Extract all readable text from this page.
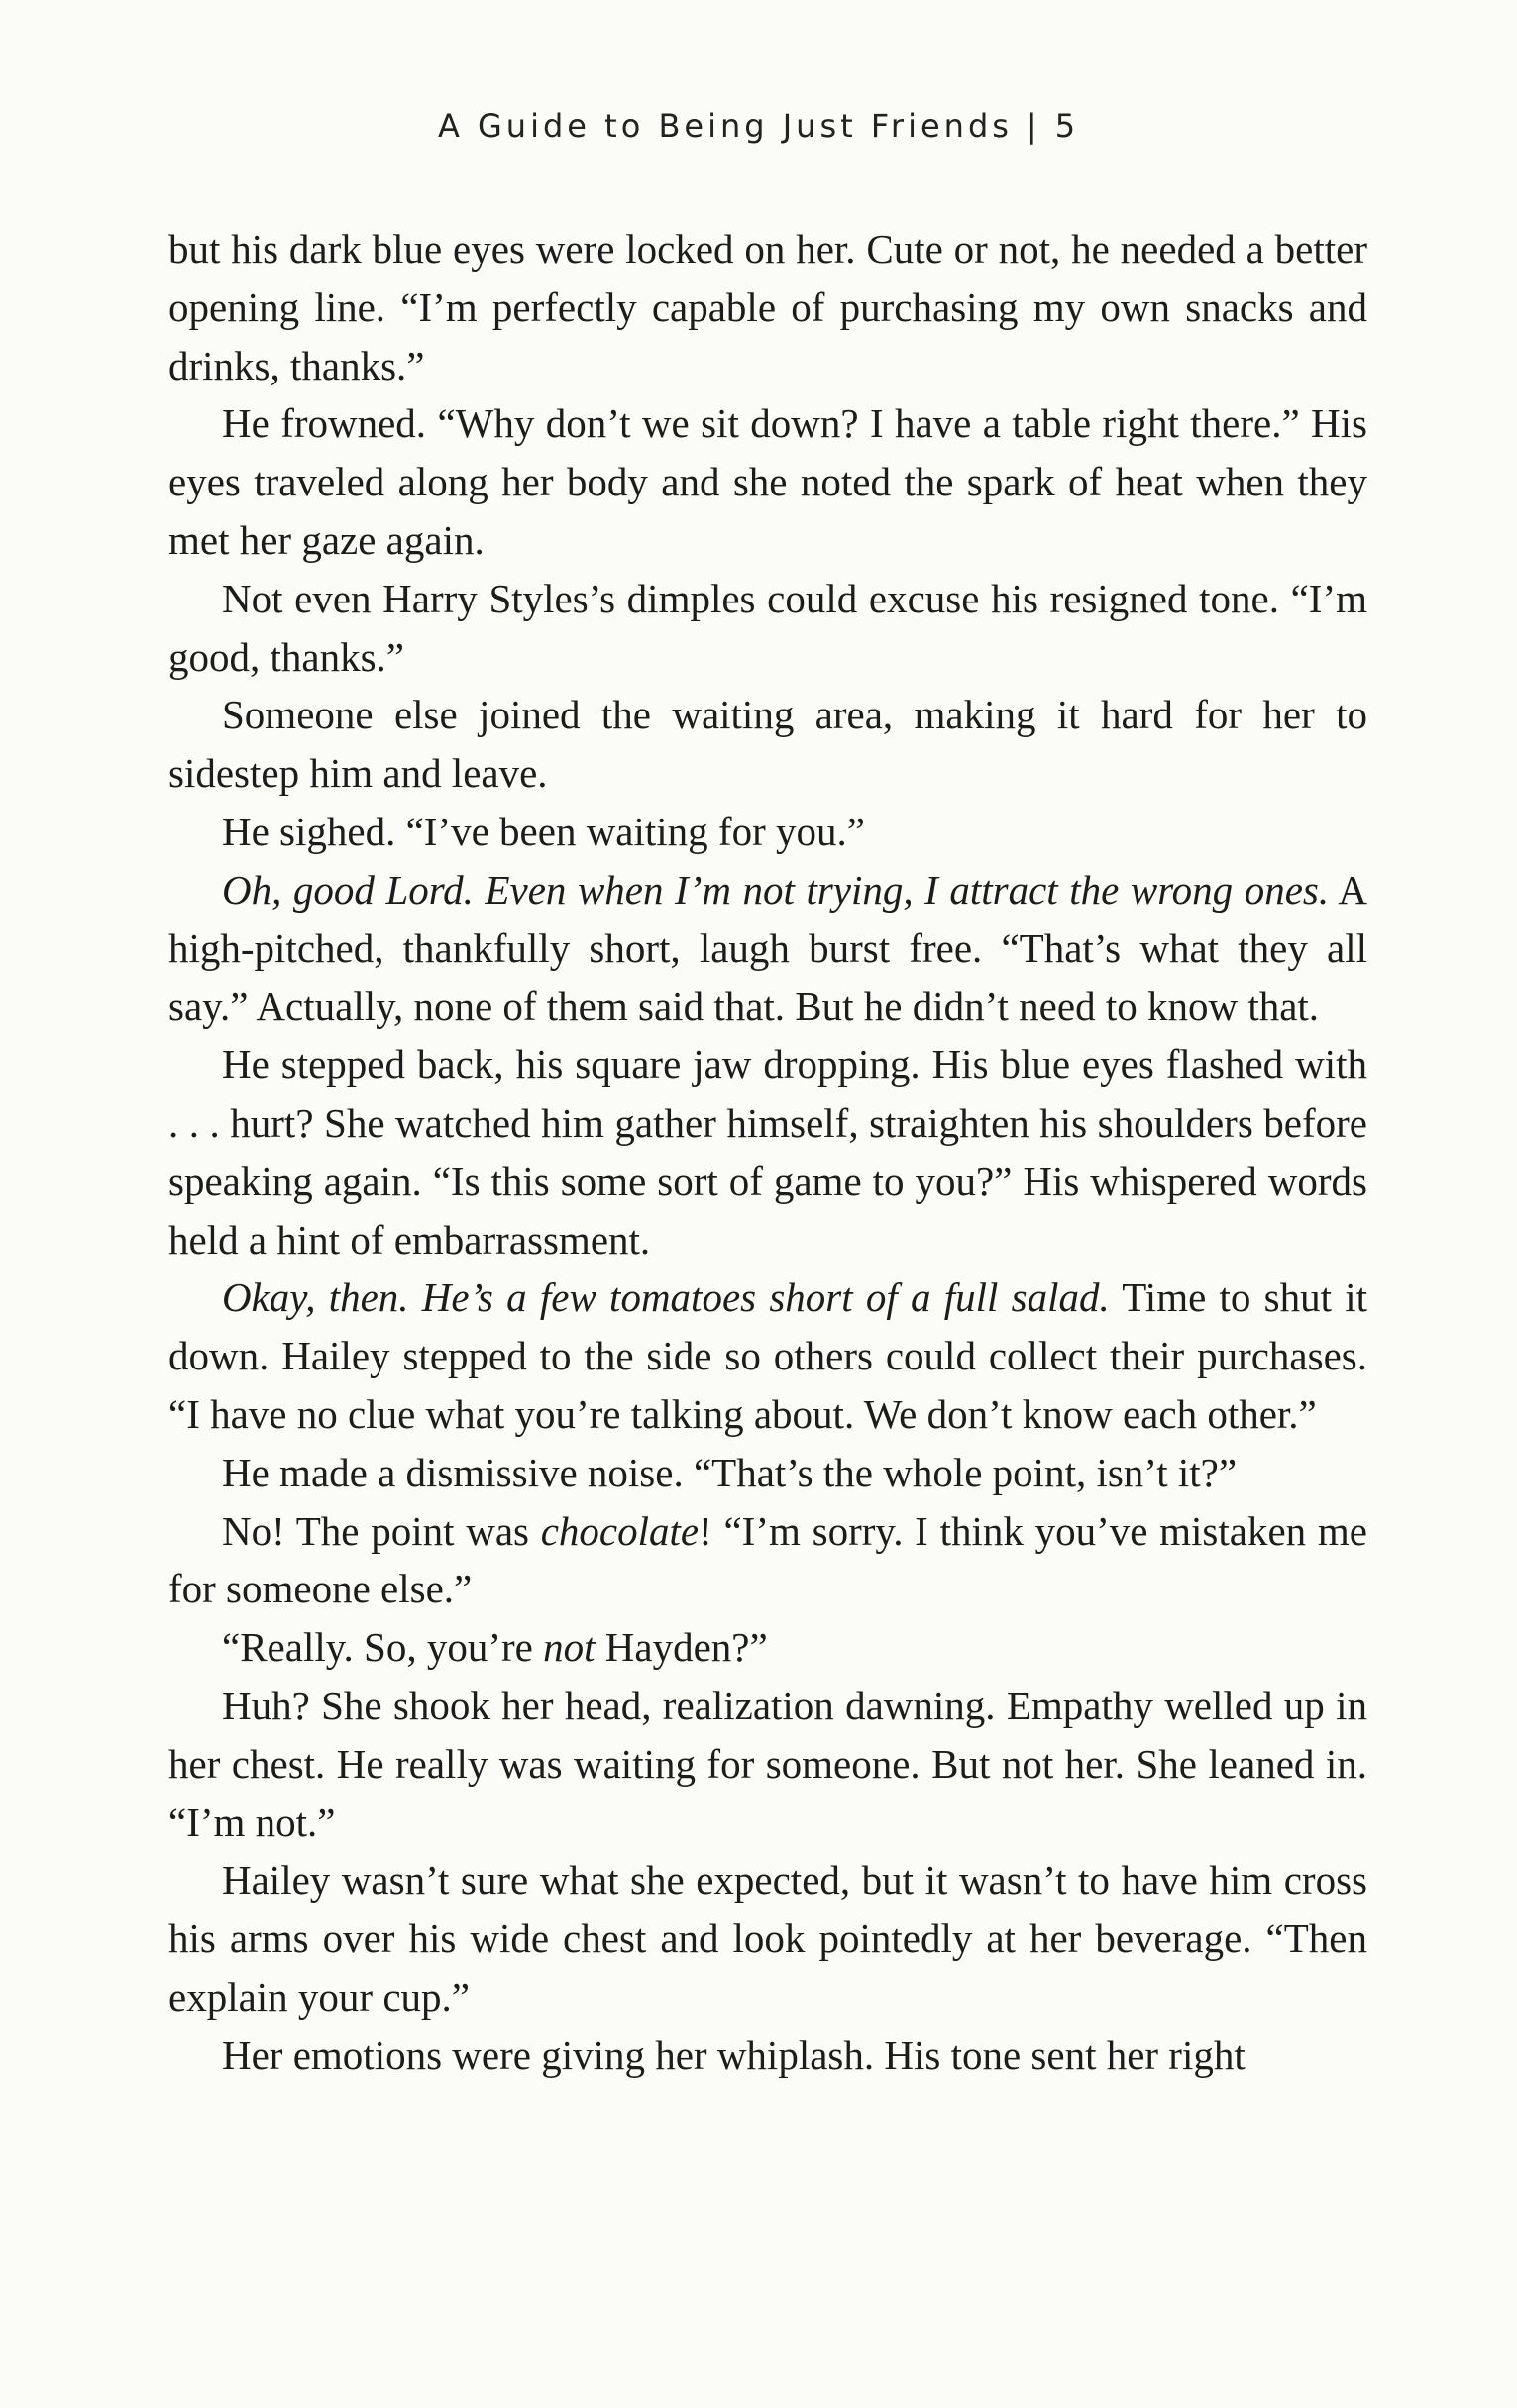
A Guide to Being Just Friends | 5

but his dark blue eyes were locked on her. Cute or not, he needed a better opening line. “I’m perfectly capable of purchasing my own snacks and drinks, thanks.”

He frowned. “Why don’t we sit down? I have a table right there.” His eyes traveled along her body and she noted the spark of heat when they met her gaze again.

Not even Harry Styles’s dimples could excuse his resigned tone. “I’m good, thanks.”

Someone else joined the waiting area, making it hard for her to sidestep him and leave.

He sighed. “I’ve been waiting for you.”

Oh, good Lord. Even when I’m not trying, I attract the wrong ones. A high-pitched, thankfully short, laugh burst free. “That’s what they all say.” Actually, none of them said that. But he didn’t need to know that.

He stepped back, his square jaw dropping. His blue eyes flashed with . . . hurt? She watched him gather himself, straighten his shoulders before speaking again. “Is this some sort of game to you?” His whispered words held a hint of embarrassment.

Okay, then. He’s a few tomatoes short of a full salad. Time to shut it down. Hailey stepped to the side so others could collect their purchases. “I have no clue what you’re talking about. We don’t know each other.”

He made a dismissive noise. “That’s the whole point, isn’t it?”

No! The point was chocolate! “I’m sorry. I think you’ve mistaken me for someone else.”

“Really. So, you’re not Hayden?”

Huh? She shook her head, realization dawning. Empathy welled up in her chest. He really was waiting for someone. But not her. She leaned in. “I’m not.”

Hailey wasn’t sure what she expected, but it wasn’t to have him cross his arms over his wide chest and look pointedly at her beverage. “Then explain your cup.”

Her emotions were giving her whiplash. His tone sent her right
